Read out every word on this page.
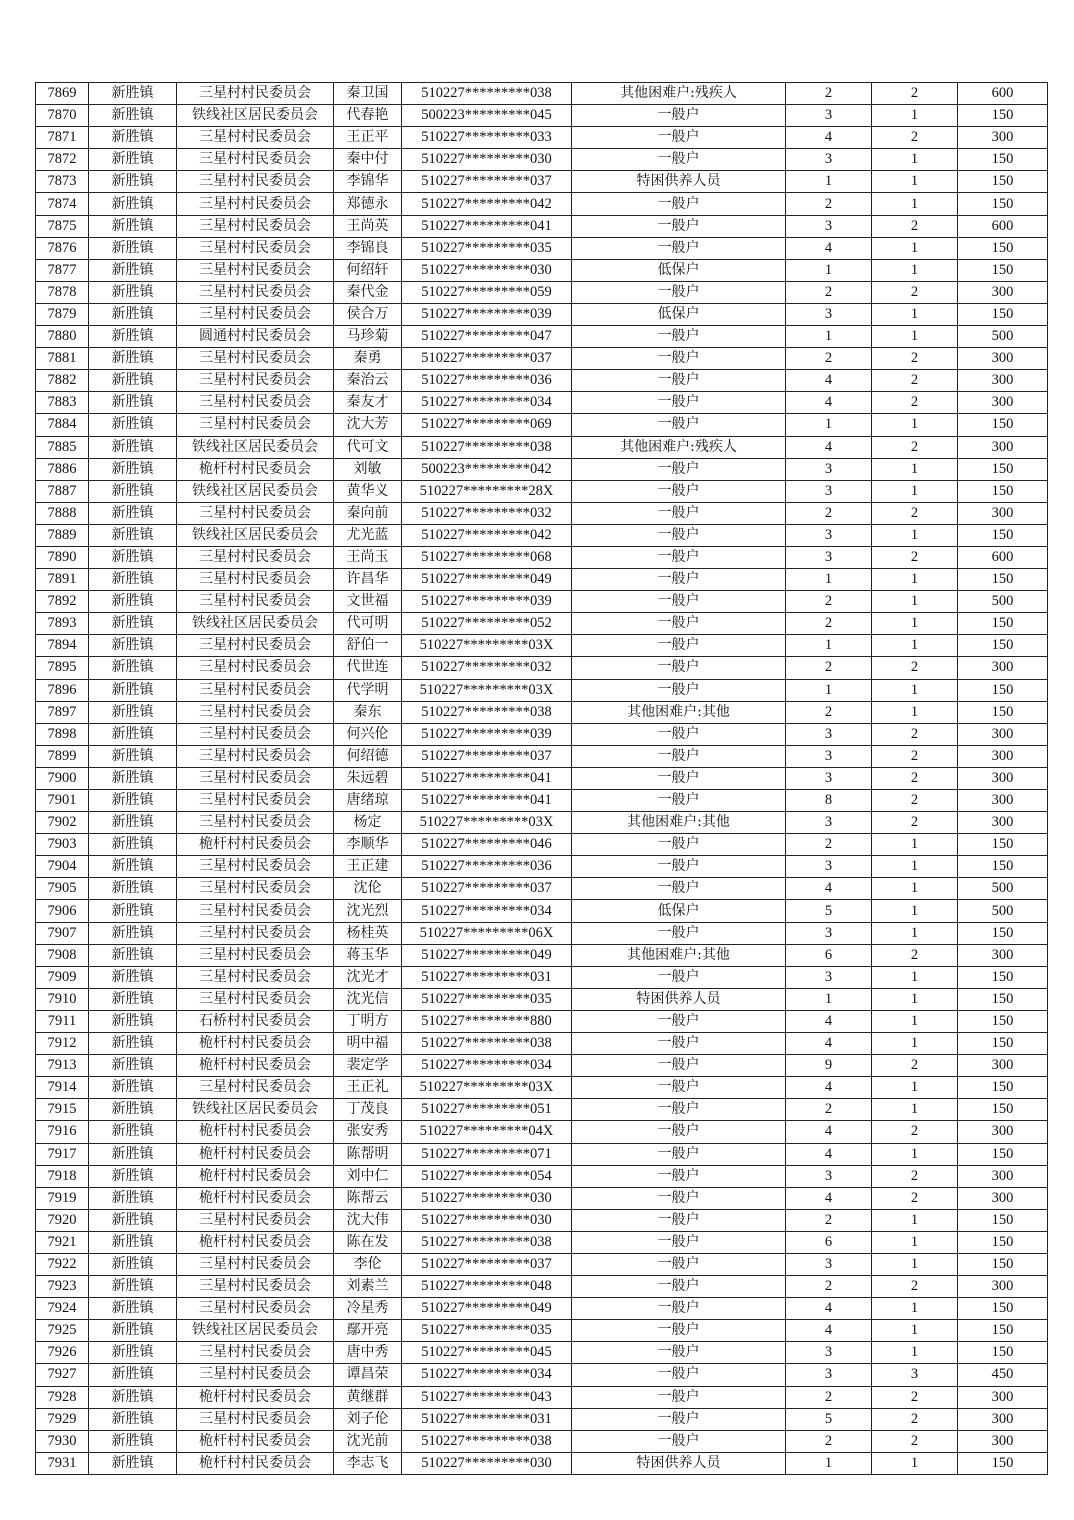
7869	新胜镇	三星村村民委员会	秦卫国	510227*********038	其他困难户:残疾人	2	2	600
7870	新胜镇	铁线社区居民委员会	代春艳	500223*********045	一般户	3	1	150
7871	新胜镇	三星村村民委员会	王正平	510227*********033	一般户	4	2	300
7872	新胜镇	三星村村民委员会	秦中付	510227*********030	一般户	3	1	150
7873	新胜镇	三星村村民委员会	李锦华	510227*********037	特困供养人员	1	1	150
7874	新胜镇	三星村村民委员会	郑德永	510227*********042	一般户	2	1	150
7875	新胜镇	三星村村民委员会	王尚英	510227*********041	一般户	3	2	600
7876	新胜镇	三星村村民委员会	李锦良	510227*********035	一般户	4	1	150
7877	新胜镇	三星村村民委员会	何绍轩	510227*********030	低保户	1	1	150
7878	新胜镇	三星村村民委员会	秦代金	510227*********059	一般户	2	2	300
7879	新胜镇	三星村村民委员会	侯合万	510227*********039	低保户	3	1	150
7880	新胜镇	圆通村村民委员会	马珍菊	510227*********047	一般户	1	1	500
7881	新胜镇	三星村村民委员会	秦勇	510227*********037	一般户	2	2	300
7882	新胜镇	三星村村民委员会	秦治云	510227*********036	一般户	4	2	300
7883	新胜镇	三星村村民委员会	秦友才	510227*********034	一般户	4	2	300
7884	新胜镇	三星村村民委员会	沈大芳	510227*********069	一般户	1	1	150
7885	新胜镇	铁线社区居民委员会	代可文	510227*********038	其他困难户:残疾人	4	2	300
7886	新胜镇	桅杆村村民委员会	刘敏	500223*********042	一般户	3	1	150
7887	新胜镇	铁线社区居民委员会	黄华义	510227*********28X	一般户	3	1	150
7888	新胜镇	三星村村民委员会	秦向前	510227*********032	一般户	2	2	300
7889	新胜镇	铁线社区居民委员会	尤光蓝	510227*********042	一般户	3	1	150
7890	新胜镇	三星村村民委员会	王尚玉	510227*********068	一般户	3	2	600
7891	新胜镇	三星村村民委员会	许昌华	510227*********049	一般户	1	1	150
7892	新胜镇	三星村村民委员会	文世福	510227*********039	一般户	2	1	500
7893	新胜镇	铁线社区居民委员会	代可明	510227*********052	一般户	2	1	150
7894	新胜镇	三星村村民委员会	舒伯一	510227*********03X	一般户	1	1	150
7895	新胜镇	三星村村民委员会	代世连	510227*********032	一般户	2	2	300
7896	新胜镇	三星村村民委员会	代学明	510227*********03X	一般户	1	1	150
7897	新胜镇	三星村村民委员会	秦东	510227*********038	其他困难户:其他	2	1	150
7898	新胜镇	三星村村民委员会	何兴伦	510227*********039	一般户	3	2	300
7899	新胜镇	三星村村民委员会	何绍德	510227*********037	一般户	3	2	300
7900	新胜镇	三星村村民委员会	朱远碧	510227*********041	一般户	3	2	300
7901	新胜镇	三星村村民委员会	唐绪琼	510227*********041	一般户	8	2	300
7902	新胜镇	三星村村民委员会	杨定	510227*********03X	其他困难户:其他	3	2	300
7903	新胜镇	桅杆村村民委员会	李顺华	510227*********046	一般户	2	1	150
7904	新胜镇	三星村村民委员会	王正建	510227*********036	一般户	3	1	150
7905	新胜镇	三星村村民委员会	沈伦	510227*********037	一般户	4	1	500
7906	新胜镇	三星村村民委员会	沈光烈	510227*********034	低保户	5	1	500
7907	新胜镇	三星村村民委员会	杨桂英	510227*********06X	一般户	3	1	150
7908	新胜镇	三星村村民委员会	蒋玉华	510227*********049	其他困难户:其他	6	2	300
7909	新胜镇	三星村村民委员会	沈光才	510227*********031	一般户	3	1	150
7910	新胜镇	三星村村民委员会	沈光信	510227*********035	特困供养人员	1	1	150
7911	新胜镇	石桥村村民委员会	丁明方	510227*********880	一般户	4	1	150
7912	新胜镇	桅杆村村民委员会	明中福	510227*********038	一般户	4	1	150
7913	新胜镇	桅杆村村民委员会	裴定学	510227*********034	一般户	9	2	300
7914	新胜镇	三星村村民委员会	王正礼	510227*********03X	一般户	4	1	150
7915	新胜镇	铁线社区居民委员会	丁茂良	510227*********051	一般户	2	1	150
7916	新胜镇	桅杆村村民委员会	张安秀	510227*********04X	一般户	4	2	300
7917	新胜镇	桅杆村村民委员会	陈帮明	510227*********071	一般户	4	1	150
7918	新胜镇	桅杆村村民委员会	刘中仁	510227*********054	一般户	3	2	300
7919	新胜镇	桅杆村村民委员会	陈帮云	510227*********030	一般户	4	2	300
7920	新胜镇	三星村村民委员会	沈大伟	510227*********030	一般户	2	1	150
7921	新胜镇	桅杆村村民委员会	陈在发	510227*********038	一般户	6	1	150
7922	新胜镇	三星村村民委员会	李伦	510227*********037	一般户	3	1	150
7923	新胜镇	三星村村民委员会	刘素兰	510227*********048	一般户	2	2	300
7924	新胜镇	三星村村民委员会	冷星秀	510227*********049	一般户	4	1	150
7925	新胜镇	铁线社区居民委员会	鄢开亮	510227*********035	一般户	4	1	150
7926	新胜镇	三星村村民委员会	唐中秀	510227*********045	一般户	3	1	150
7927	新胜镇	三星村村民委员会	谭昌荣	510227*********034	一般户	3	3	450
7928	新胜镇	桅杆村村民委员会	黄继群	510227*********043	一般户	2	2	300
7929	新胜镇	三星村村民委员会	刘子伦	510227*********031	一般户	5	2	300
7930	新胜镇	桅杆村村民委员会	沈光前	510227*********038	一般户	2	2	300
7931	新胜镇	桅杆村村民委员会	李志飞	510227*********030	特困供养人员	1	1	150
